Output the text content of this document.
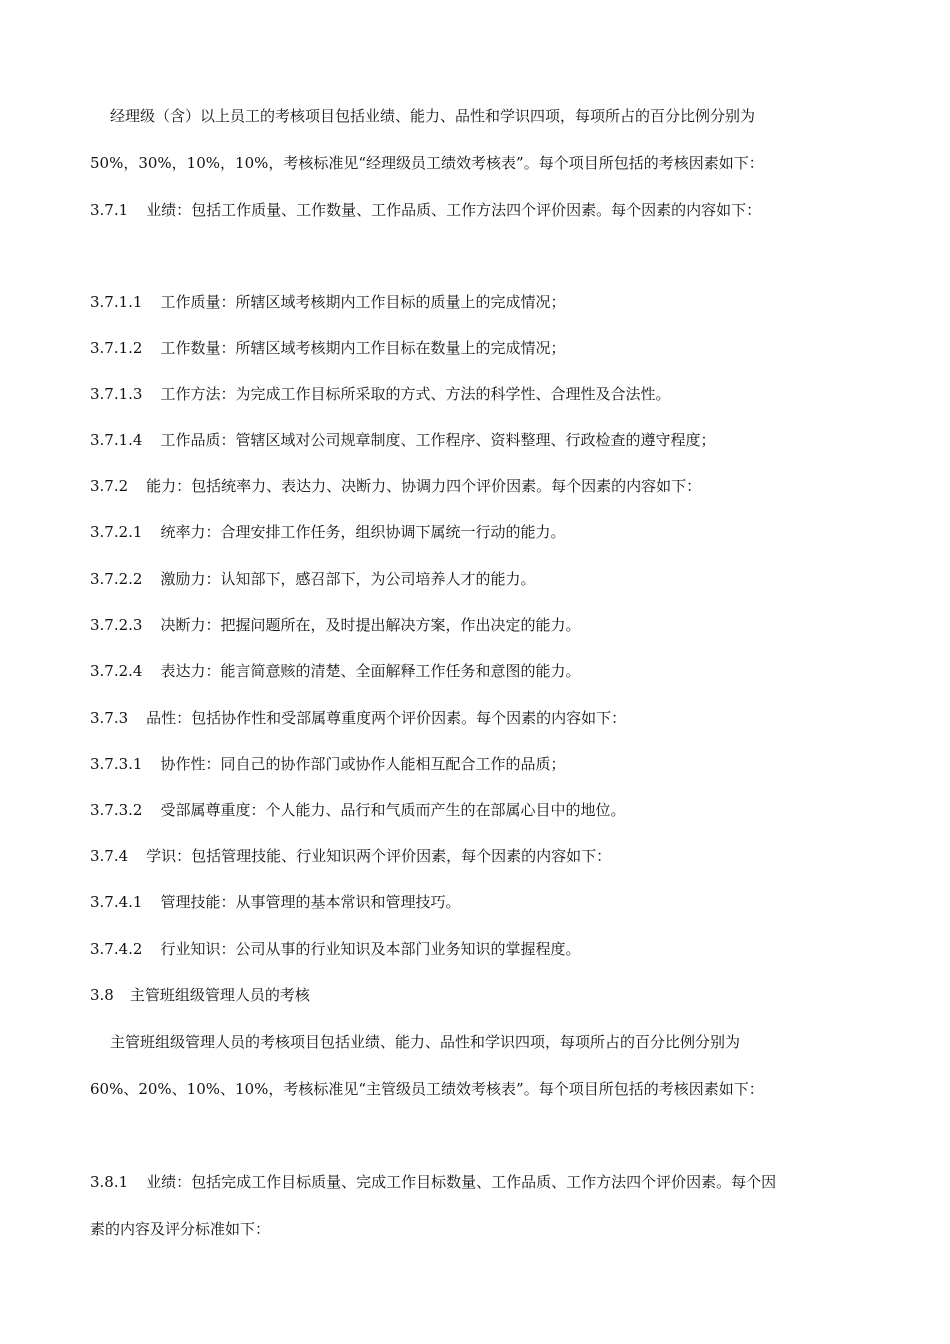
经理级（含）以上员工的考核项目包括业绩、能力、品性和学识四项，每项所占的百分比例分别为
50%，30%，10%，10%，考核标准见“经理级员工绩效考核表”。每个项目所包括的考核因素如下：
3.7.1 业绩：包括工作质量、工作数量、工作品质、工作方法四个评价因素。每个因素的内容如下：
3.7.1.1 工作质量：所辖区域考核期内工作目标的质量上的完成情况；
3.7.1.2 工作数量：所辖区域考核期内工作目标在数量上的完成情况；
3.7.1.3 工作方法：为完成工作目标所采取的方式、方法的科学性、合理性及合法性。
3.7.1.4 工作品质：管辖区域对公司规章制度、工作程序、资料整理、行政检查的遵守程度；
3.7.2 能力：包括统率力、表达力、决断力、协调力四个评价因素。每个因素的内容如下：
3.7.2.1 统率力：合理安排工作任务，组织协调下属统一行动的能力。
3.7.2.2 激励力：认知部下，感召部下，为公司培养人才的能力。
3.7.2.3 决断力：把握问题所在，及时提出解决方案，作出决定的能力。
3.7.2.4 表达力：能言简意赅的清楚、全面解释工作任务和意图的能力。
3.7.3 品性：包括协作性和受部属尊重度两个评价因素。每个因素的内容如下：
3.7.3.1 协作性：同自己的协作部门或协作人能相互配合工作的品质；
3.7.3.2 受部属尊重度：个人能力、品行和气质而产生的在部属心目中的地位。
3.7.4 学识：包括管理技能、行业知识两个评价因素，每个因素的内容如下：
3.7.4.1 管理技能：从事管理的基本常识和管理技巧。
3.7.4.2 行业知识：公司从事的行业知识及本部门业务知识的掌握程度。
3.8 主管班组级管理人员的考核
主管班组级管理人员的考核项目包括业绩、能力、品性和学识四项，每项所占的百分比例分别为
60%、20%、10%、10%，考核标准见“主管级员工绩效考核表”。每个项目所包括的考核因素如下：
3.8.1 业绩：包括完成工作目标质量、完成工作目标数量、工作品质、工作方法四个评价因素。每个因
素的内容及评分标准如下：
